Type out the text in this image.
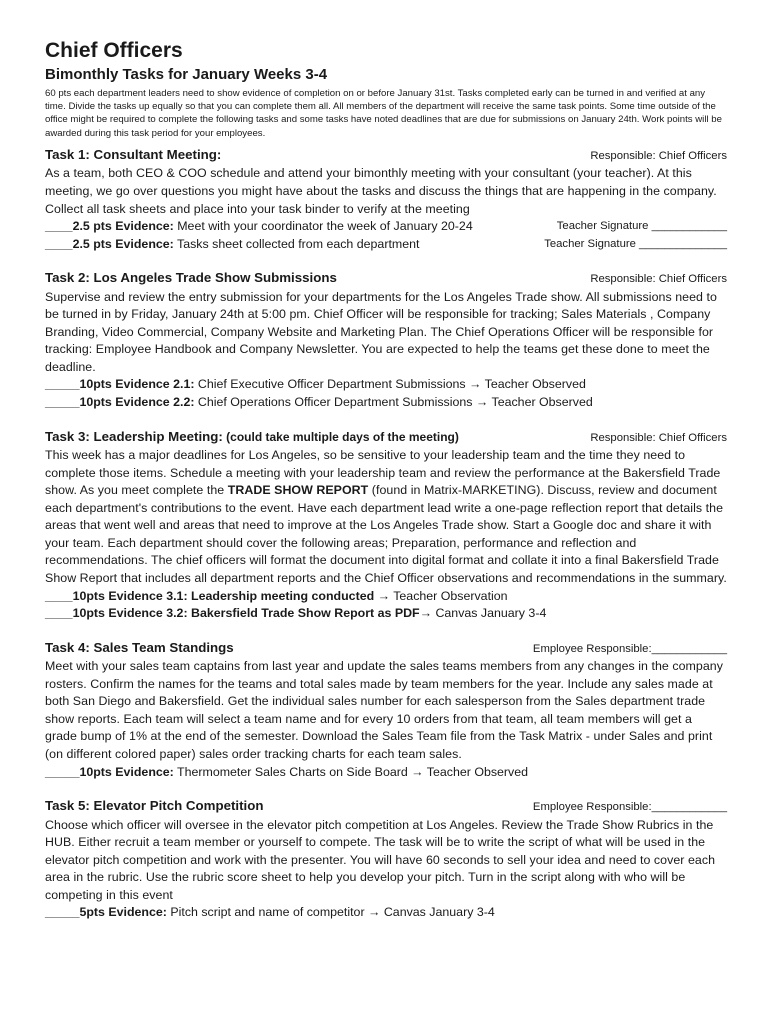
Chief Officers
Bimonthly Tasks for January Weeks 3-4

60 pts each department leaders need to show evidence of completion on or before January 31st. Tasks completed early can be turned in and verified at any time. Divide the tasks up equally so that you can complete them all. All members of the department will receive the same task points. Some time outside of the office might be required to complete the following tasks and some tasks have noted deadlines that are due for submissions on January 24th. Work points will be awarded during this task period for your employees.

Task 1: Consultant Meeting:	Responsible: Chief Officers

As a team, both CEO & COO schedule and attend your bimonthly meeting with your consultant (your teacher). At this meeting, we go over questions you might have about the tasks and discuss the things that are happening in the company. Collect all task sheets and place into your task binder to verify at the meeting

____2.5 pts Evidence: Meet with your coordinator the week of January 20-24	Teacher Signature ____________
____2.5 pts Evidence: Tasks sheet collected from each department	Teacher Signature ______________
Task 2: Los Angeles Trade Show Submissions	Responsible: Chief Officers

Supervise and review the entry submission for your departments for the Los Angeles Trade show. All submissions need to be turned in by Friday, January 24th at 5:00 pm. Chief Officer will be responsible for tracking; Sales Materials , Company Branding, Video Commercial, Company Website and Marketing Plan. The Chief Operations Officer will be responsible for tracking: Employee Handbook and Company Newsletter. You are expected to help the teams get these done to meet the deadline.

_____10pts Evidence 2.1: Chief Executive Officer Department Submissions → Teacher Observed
_____10pts Evidence 2.2: Chief Operations Officer Department Submissions → Teacher Observed
Task 3: Leadership Meeting: (could take multiple days of the meeting)	Responsible: Chief Officers

This week has a major deadlines for Los Angeles, so be sensitive to your leadership team and the time they need to complete those items. Schedule a meeting with your leadership team and review the performance at the Bakersfield Trade show. As you meet complete the TRADE SHOW REPORT (found in Matrix-MARKETING). Discuss, review and document each department's contributions to the event. Have each department lead write a one-page reflection report that details the areas that went well and areas that need to improve at the Los Angeles Trade show. Start a Google doc and share it with your team. Each department should cover the following areas; Preparation, performance and reflection and recommendations. The chief officers will format the document into digital format and collate it into a final Bakersfield Trade Show Report that includes all department reports and the Chief Officer observations and recommendations in the summary.

____10pts Evidence 3.1: Leadership meeting conducted → Teacher Observation
____10pts Evidence 3.2: Bakersfield Trade Show Report as PDF→ Canvas January 3-4
Task 4: Sales Team Standings	Employee Responsible:____________

Meet with your sales team captains from last year and update the sales teams members from any changes in the company rosters. Confirm the names for the teams and total sales made by team members for the year. Include any sales made at both San Diego and Bakersfield. Get the individual sales number for each salesperson from the Sales department trade show reports. Each team will select a team name and for every 10 orders from that team, all team members will get a grade bump of 1% at the end of the semester. Download the Sales Team file from the Task Matrix - under Sales and print (on different colored paper) sales order tracking charts for each team sales.

_____10pts Evidence: Thermometer Sales Charts on Side Board → Teacher Observed
Task 5: Elevator Pitch Competition	Employee Responsible:____________

Choose which officer will oversee in the elevator pitch competition at Los Angeles. Review the Trade Show Rubrics in the HUB. Either recruit a team member or yourself to compete. The task will be to write the script of what will be used in the elevator pitch competition and work with the presenter. You will have 60 seconds to sell your idea and need to cover each area in the rubric. Use the rubric score sheet to help you develop your pitch. Turn in the script along with who will be competing in this event

_____5pts Evidence: Pitch script and name of competitor → Canvas January 3-4
